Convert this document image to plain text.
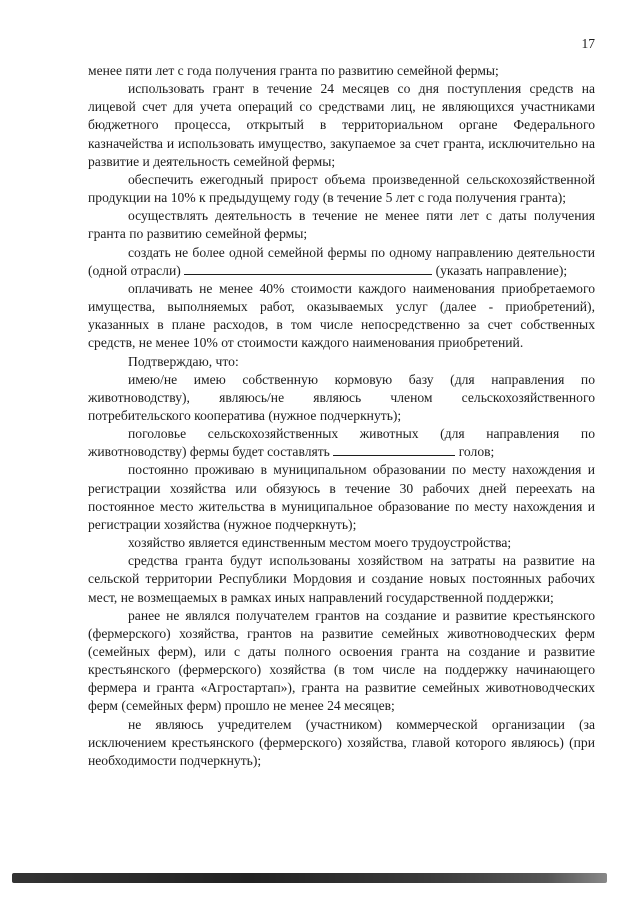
17

менее пяти лет с года получения гранта по развитию семейной фермы;

использовать грант в течение 24 месяцев со дня поступления средств на лицевой счет для учета операций со средствами лиц, не являющихся участниками бюджетного процесса, открытый в территориальном органе Федерального казначейства и использовать имущество, закупаемое за счет гранта, исключительно на развитие и деятельность семейной фермы;

обеспечить ежегодный прирост объема произведенной сельскохозяйственной продукции на 10% к предыдущему году (в течение 5 лет с года получения гранта);

осуществлять деятельность в течение не менее пяти лет с даты получения гранта по развитию семейной фермы;

создать не более одной семейной фермы по одному направлению деятельности (одной отрасли)	(указать направление);

оплачивать не менее 40% стоимости каждого наименования приобретаемого имущества, выполняемых работ, оказываемых услуг (далее - приобретений), указанных в плане расходов, в том числе непосредственно за счет собственных средств, не менее 10% от стоимости каждого наименования приобретений.

Подтверждаю, что:

имею/не имею собственную кормовую базу (для направления по животноводству), являюсь/не являюсь членом сельскохозяйственного потребительского кооператива (нужное подчеркнуть);

поголовье сельскохозяйственных животных (для направления по животноводству) фермы будет составлять	голов;

постоянно проживаю в муниципальном образовании по месту нахождения и регистрации хозяйства или обязуюсь в течение 30 рабочих дней переехать на постоянное место жительства в муниципальное образование по месту нахождения и регистрации хозяйства (нужное подчеркнуть);

хозяйство является единственным местом моего трудоустройства;

средства гранта будут использованы хозяйством на затраты на развитие на сельской территории Республики Мордовия и создание новых постоянных рабочих мест, не возмещаемых в рамках иных направлений государственной поддержки;

ранее не являлся получателем грантов на создание и развитие крестьянского (фермерского) хозяйства, грантов на развитие семейных животноводческих ферм (семейных ферм), или с даты полного освоения гранта на создание и развитие крестьянского (фермерского) хозяйства (в том числе на поддержку начинающего фермера и гранта «Агростартап»), гранта на развитие семейных животноводческих ферм (семейных ферм) прошло не менее 24 месяцев;

не являюсь учредителем (участником) коммерческой организации (за исключением крестьянского (фермерского) хозяйства, главой которого являюсь) (при необходимости подчеркнуть);
